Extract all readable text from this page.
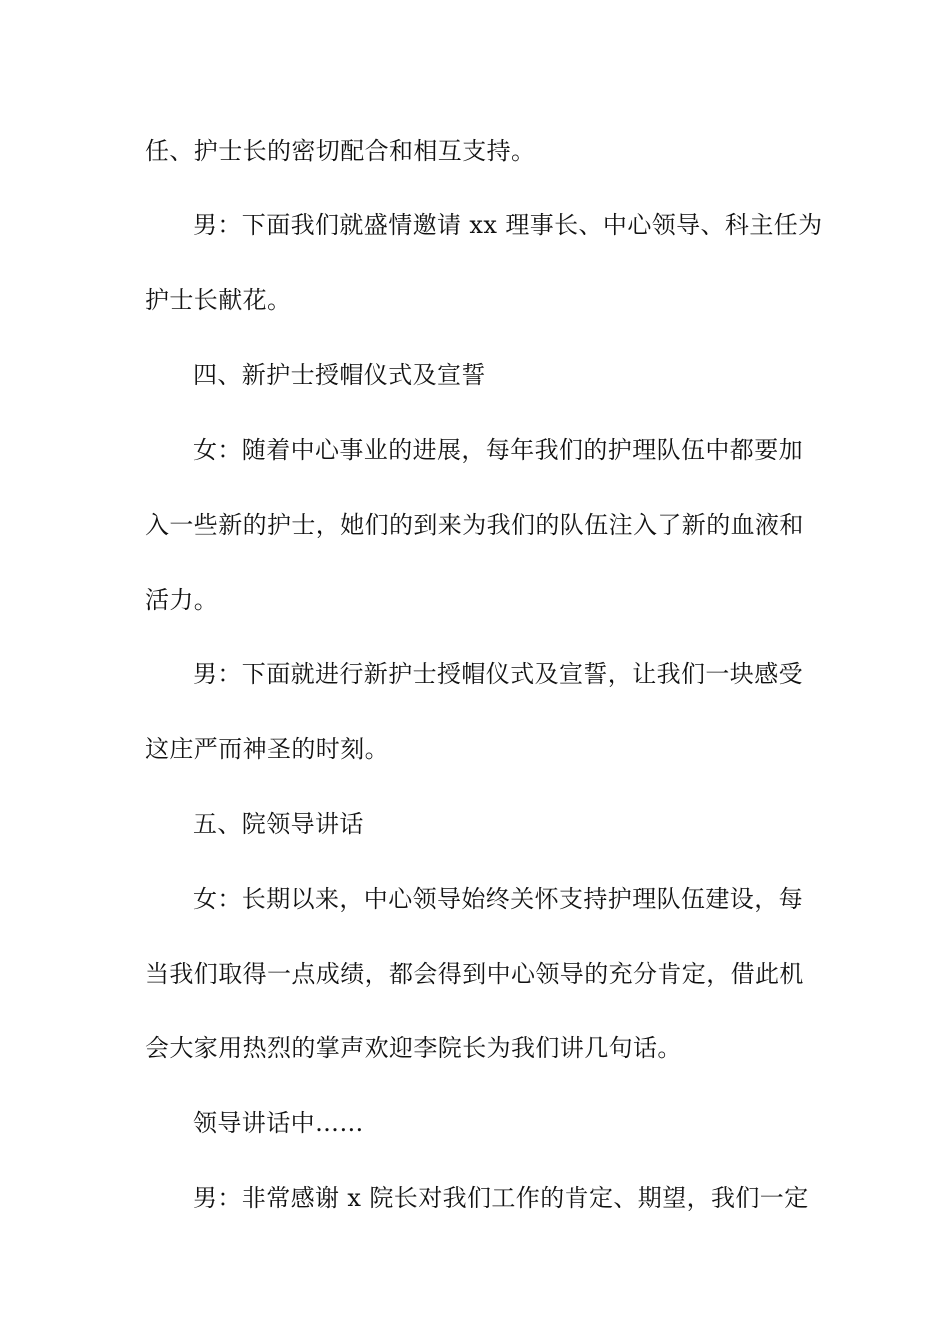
任、护士长的密切配合和相互支持。
男：下面我们就盛情邀请 xx 理事长、中心领导、科主任为
护士长献花。
四、新护士授帽仪式及宣誓
女：随着中心事业的进展，每年我们的护理队伍中都要加
入一些新的护士，她们的到来为我们的队伍注入了新的血液和
活力。
男：下面就进行新护士授帽仪式及宣誓，让我们一块感受
这庄严而神圣的时刻。
五、院领导讲话
女：长期以来，中心领导始终关怀支持护理队伍建设，每
当我们取得一点成绩，都会得到中心领导的充分肯定，借此机
会大家用热烈的掌声欢迎李院长为我们讲几句话。
领导讲话中……
男：非常感谢 x 院长对我们工作的肯定、期望，我们一定
